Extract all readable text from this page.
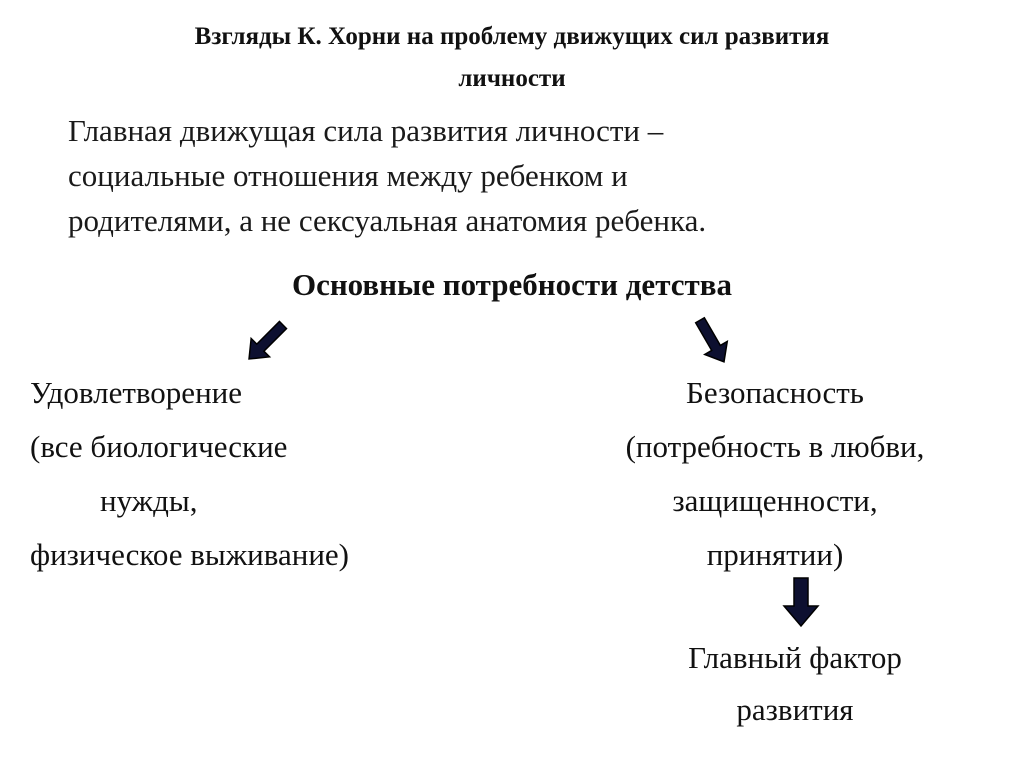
Взгляды К. Хорни на проблему движущих сил развития
личности
Главная движущая сила развития личности –
социальные отношения между ребенком и
родителями, а не сексуальная анатомия ребенка.
Основные потребности детства
Удовлетворение
(все биологические
нужды,
физическое выживание)
Безопасность
(потребность в любви,
защищенности,
принятии)
Главный фактор
развития
